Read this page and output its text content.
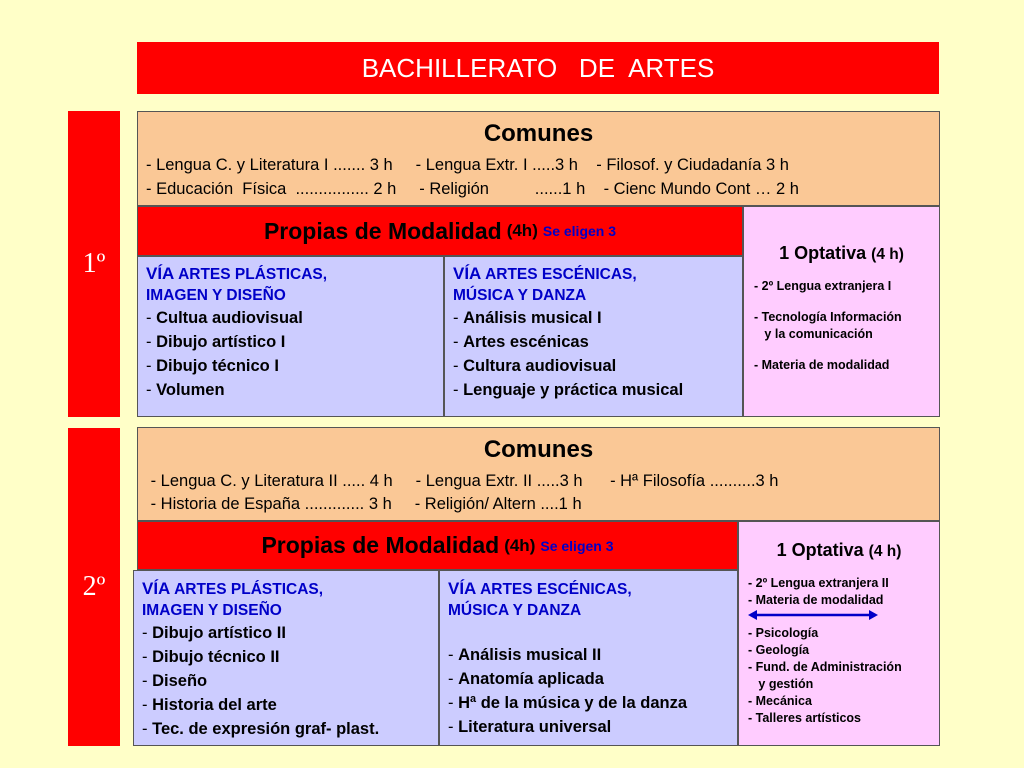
BACHILLERATO   DE  ARTES
1º
Comunes
- Lengua C. y Literatura I ....... 3 h     - Lengua Extr. I .....3 h    - Filosof. y Ciudadanía 3 h
- Educación  Física  ................ 2 h     - Religión          ......1 h    - Cienc Mundo Cont … 2 h
Propias de Modalidad (4h) Se eligen 3
VÍA ARTES PLÁSTICAS,
IMAGEN Y DISEÑO
- Cultua audiovisual
- Dibujo artístico I
- Dibujo técnico I
- Volumen
VÍA ARTES ESCÉNICAS,
MÚSICA Y DANZA
- Análisis musical I
- Artes escénicas
- Cultura audiovisual
- Lenguaje y práctica musical
1 Optativa (4 h)
- 2º Lengua extranjera I
- Tecnología Información
y la comunicación
- Materia de modalidad
2º
Comunes
- Lengua C. y Literatura II ..... 4 h     - Lengua Extr. II .....3 h      - Hª Filosofía ..........3 h
- Historia de España ............. 3 h     - Religión/ Altern ....1 h
Propias de Modalidad (4h) Se eligen 3
VÍA ARTES PLÁSTICAS,
IMAGEN Y DISEÑO
- Dibujo artístico II
- Dibujo técnico II
- Diseño
- Historia del arte
- Tec. de expresión graf- plast.
VÍA ARTES ESCÉNICAS,
MÚSICA Y DANZA
- Análisis musical II
- Anatomía aplicada
- Hª de la música y de la danza
- Literatura universal
1 Optativa (4 h)
- 2º Lengua extranjera II
- Materia de modalidad
- Psicología
- Geología
- Fund. de Administración
y gestión
- Mecánica
- Talleres artísticos
